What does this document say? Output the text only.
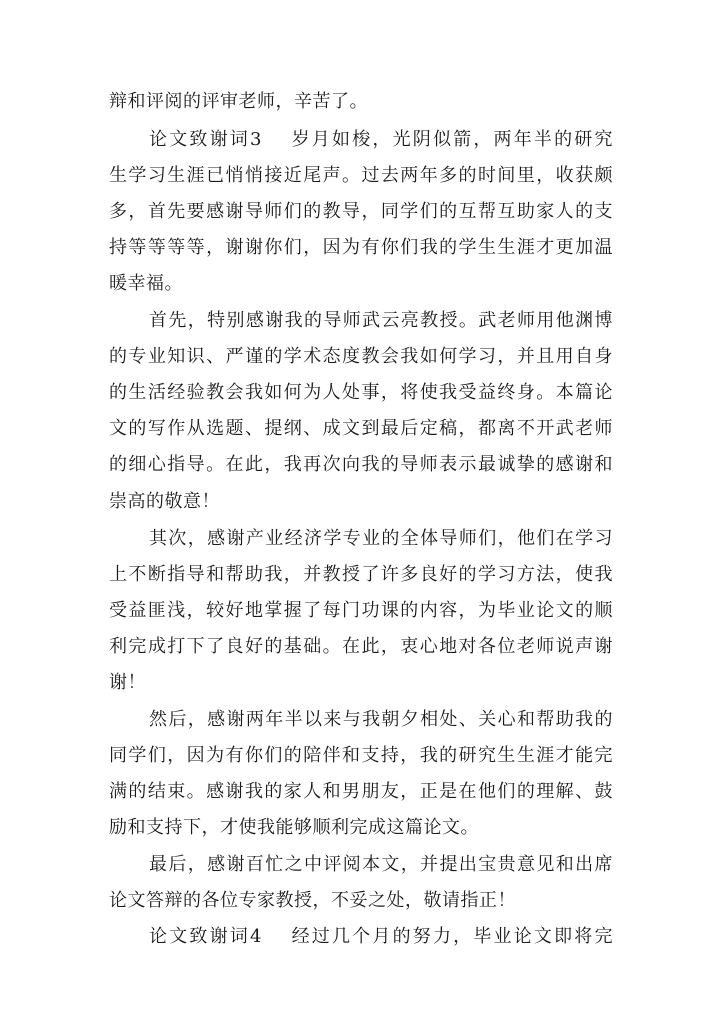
辩和评阅的评审老师，辛苦了。
论文致谢词3 岁月如梭，光阴似箭，两年半的研究
生学习生涯已悄悄接近尾声。过去两年多的时间里，收获颇
多，首先要感谢导师们的教导，同学们的互帮互助家人的支
持等等等等，谢谢你们，因为有你们我的学生生涯才更加温
暖幸福。
首先，特别感谢我的导师武云亮教授。武老师用他渊博
的专业知识、严谨的学术态度教会我如何学习，并且用自身
的生活经验教会我如何为人处事，将使我受益终身。本篇论
文的写作从选题、提纲、成文到最后定稿，都离不开武老师
的细心指导。在此，我再次向我的导师表示最诚挚的感谢和
崇高的敬意！
其次，感谢产业经济学专业的全体导师们，他们在学习
上不断指导和帮助我，并教授了许多良好的学习方法，使我
受益匪浅，较好地掌握了每门功课的内容，为毕业论文的顺
利完成打下了良好的基础。在此，衷心地对各位老师说声谢
谢！
然后，感谢两年半以来与我朝夕相处、关心和帮助我的
同学们，因为有你们的陪伴和支持，我的研究生生涯才能完
满的结束。感谢我的家人和男朋友，正是在他们的理解、鼓
励和支持下，才使我能够顺利完成这篇论文。
最后，感谢百忙之中评阅本文，并提出宝贵意见和出席
论文答辩的各位专家教授，不妥之处，敬请指正！
论文致谢词4 经过几个月的努力，毕业论文即将完
